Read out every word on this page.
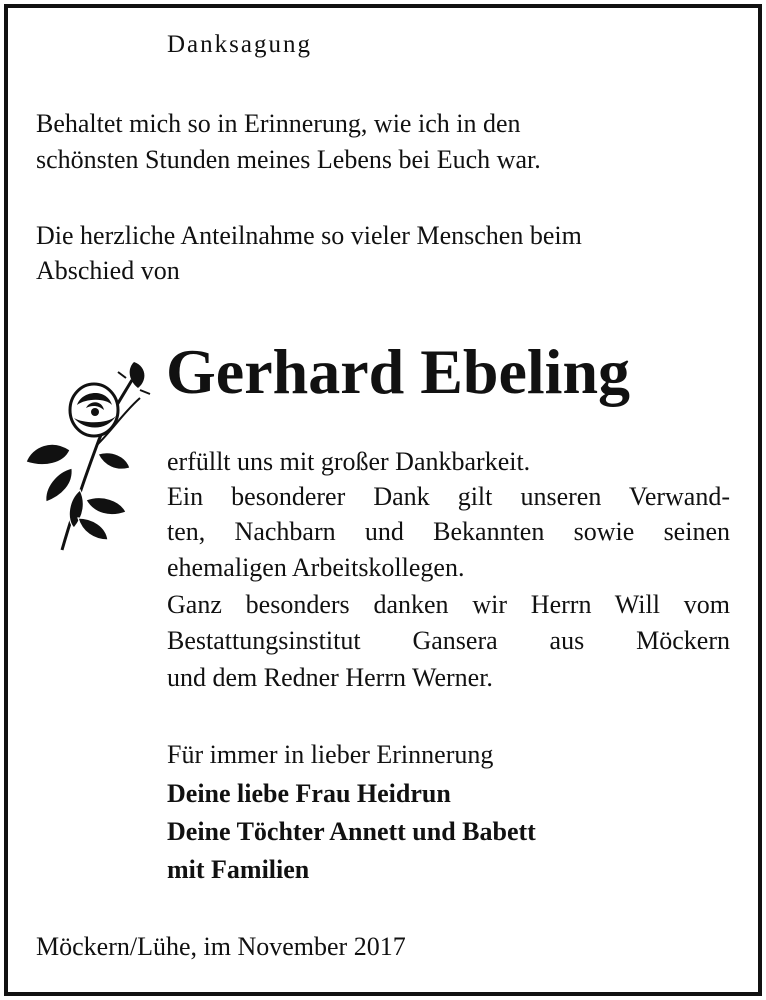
Danksagung
Behaltet mich so in Erinnerung, wie ich in den
schönsten Stunden meines Lebens bei Euch war.
Die herzliche Anteilnahme so vieler Menschen beim
Abschied von
Gerhard Ebeling
erfüllt uns mit großer Dankbarkeit.
Ein besonderer Dank gilt unseren Verwand-
ten, Nachbarn und Bekannten sowie seinen
ehemaligen Arbeitskollegen.
Ganz besonders danken wir Herrn Will vom
Bestattungsinstitut Gansera aus Möckern
und dem Redner Herrn Werner.
Für immer in lieber Erinnerung
Deine liebe Frau Heidrun
Deine Töchter Annett und Babett
mit Familien
Möckern/Lühe, im November 2017
